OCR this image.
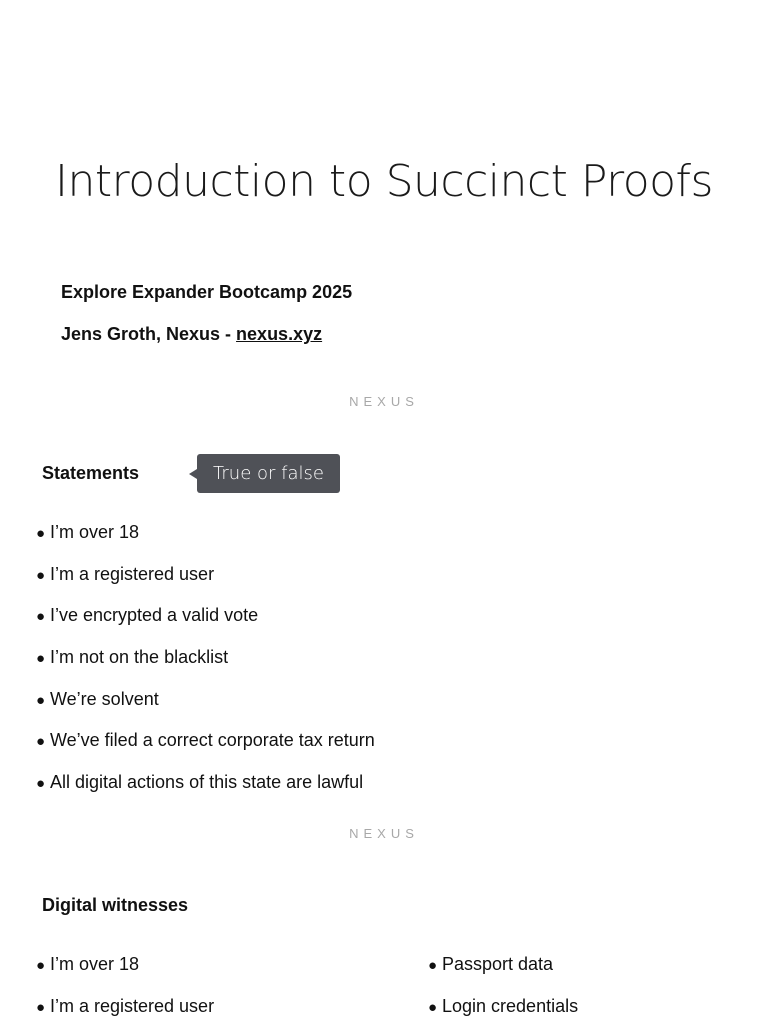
Introduction to Succinct Proofs

Explore Expander Bootcamp 2025

Jens Groth, Nexus - nexus.xyz

NEXUS

Statements	True or false
● I’m over 18
● I’m a registered user
● I’ve encrypted a valid vote
● I’m not on the blacklist
● We’re solvent
● We’ve filed a correct corporate tax return
● All digital actions of this state are lawful

NEXUS

Digital witnesses

● I’m over 18
● I’m a registered user
● Passport data
● Login credentials
